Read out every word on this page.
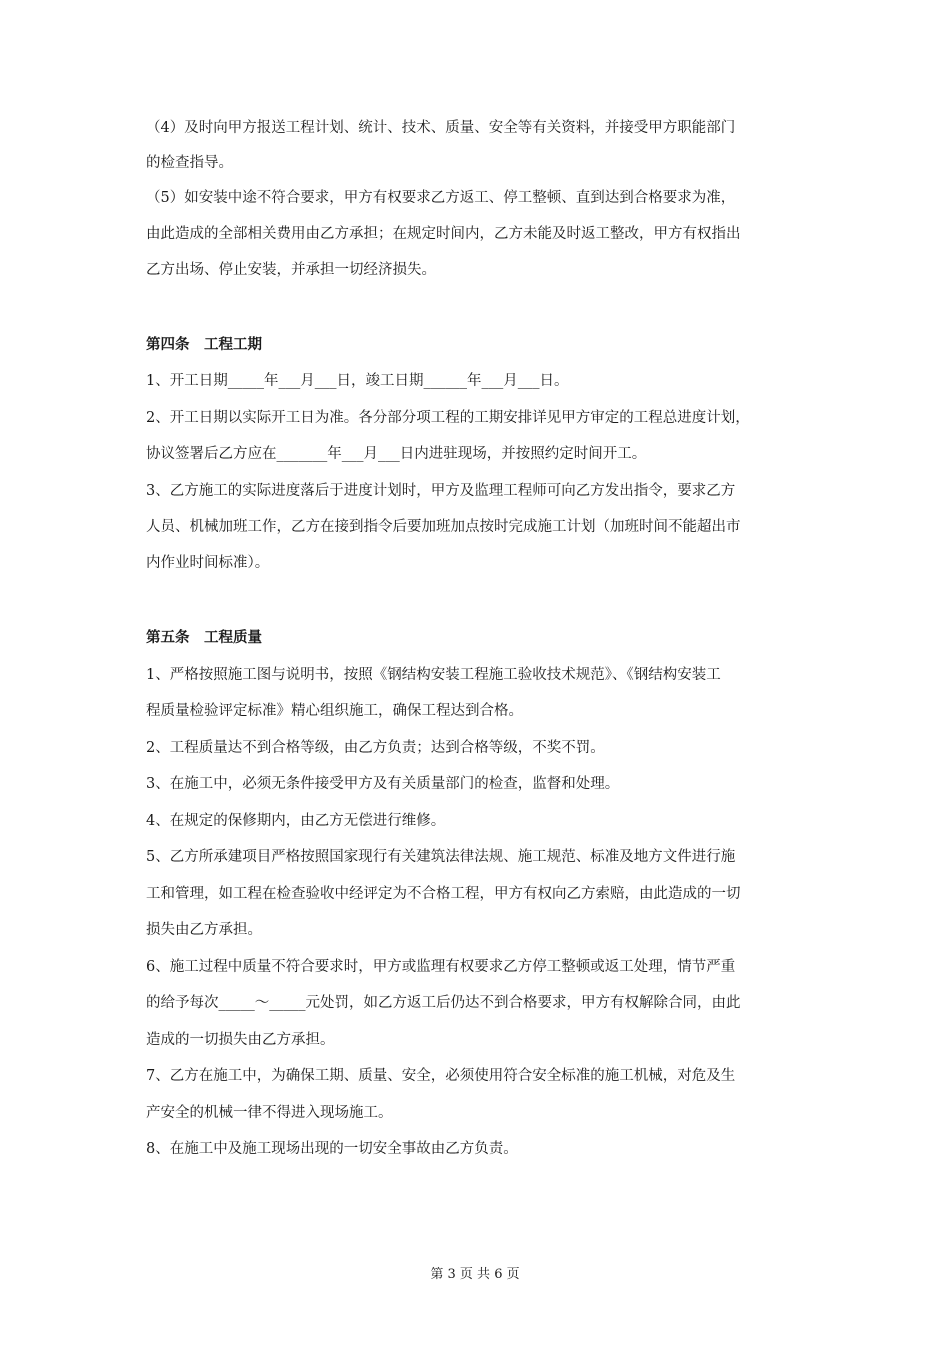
（4）及时向甲方报送工程计划、统计、技术、质量、安全等有关资料，并接受甲方职能部门
的检查指导。
（5）如安装中途不符合要求，甲方有权要求乙方返工、停工整顿、直到达到合格要求为准，
由此造成的全部相关费用由乙方承担；在规定时间内，乙方未能及时返工整改，甲方有权指出
乙方出场、停止安装，并承担一切经济损失。
第四条　工程工期
1、开工日期_____年___月___日，竣工日期______年___月___日。
2、开工日期以实际开工日为准。各分部分项工程的工期安排详见甲方审定的工程总进度计划，
协议签署后乙方应在_______年___月___日内进驻现场，并按照约定时间开工。
3、乙方施工的实际进度落后于进度计划时，甲方及监理工程师可向乙方发出指令，要求乙方
人员、机械加班工作，乙方在接到指令后要加班加点按时完成施工计划（加班时间不能超出市
内作业时间标准）。
第五条　工程质量
1、严格按照施工图与说明书，按照《钢结构安装工程施工验收技术规范》、《钢结构安装工
程质量检验评定标准》精心组织施工，确保工程达到合格。
2、工程质量达不到合格等级，由乙方负责；达到合格等级，不奖不罚。
3、在施工中，必须无条件接受甲方及有关质量部门的检查，监督和处理。
4、在规定的保修期内，由乙方无偿进行维修。
5、乙方所承建项目严格按照国家现行有关建筑法律法规、施工规范、标准及地方文件进行施
工和管理，如工程在检查验收中经评定为不合格工程，甲方有权向乙方索赔，由此造成的一切
损失由乙方承担。
6、施工过程中质量不符合要求时，甲方或监理有权要求乙方停工整顿或返工处理，情节严重
的给予每次_____～_____元处罚，如乙方返工后仍达不到合格要求，甲方有权解除合同，由此
造成的一切损失由乙方承担。
7、乙方在施工中，为确保工期、质量、安全，必须使用符合安全标准的施工机械，对危及生
产安全的机械一律不得进入现场施工。
8、在施工中及施工现场出现的一切安全事故由乙方负责。
第 3 页 共 6 页
